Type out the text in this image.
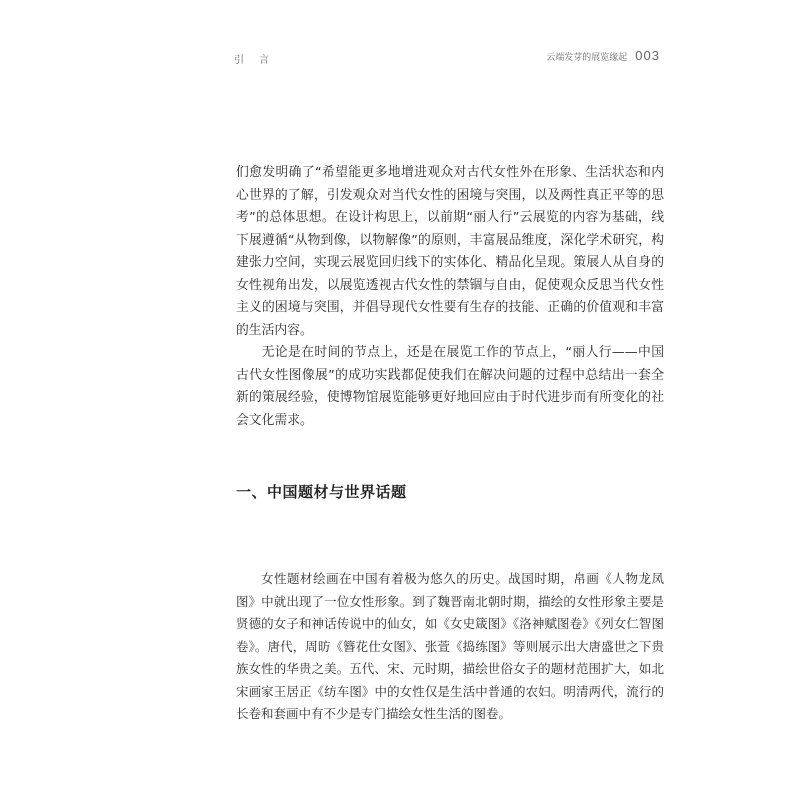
引 言	云端发芽的展览缘起 003

们愈发明确了“希望能更多地增进观众对古代女性外在形象、生活状态和内心世界的了解，引发观众对当代女性的困境与突围，以及两性真正平等的思考”的总体思想。在设计构思上，以前期“丽人行”云展览的内容为基础，线下展遵循“从物到像，以物解像”的原则，丰富展品维度，深化学术研究，构建张力空间，实现云展览回归线下的实体化、精品化呈现。策展人从自身的女性视角出发，以展览透视古代女性的禁锢与自由，促使观众反思当代女性主义的困境与突围，并倡导现代女性要有生存的技能、正确的价值观和丰富的生活内容。

无论是在时间的节点上，还是在展览工作的节点上，“丽人行——中国古代女性图像展”的成功实践都促使我们在解决问题的过程中总结出一套全新的策展经验，使博物馆展览能够更好地回应由于时代进步而有所变化的社会文化需求。

一、中国题材与世界话题

女性题材绘画在中国有着极为悠久的历史。战国时期，帛画《人物龙凤图》中就出现了一位女性形象。到了魏晋南北朝时期，描绘的女性形象主要是贤德的女子和神话传说中的仙女，如《女史箴图》《洛神赋图卷》《列女仁智图卷》。唐代，周昉《簪花仕女图》、张萱《捣练图》等则展示出大唐盛世之下贵族女性的华贵之美。五代、宋、元时期，描绘世俗女子的题材范围扩大，如北宋画家王居正《纺车图》中的女性仅是生活中普通的农妇。明清两代，流行的长卷和套画中有不少是专门描绘女性生活的图卷。
